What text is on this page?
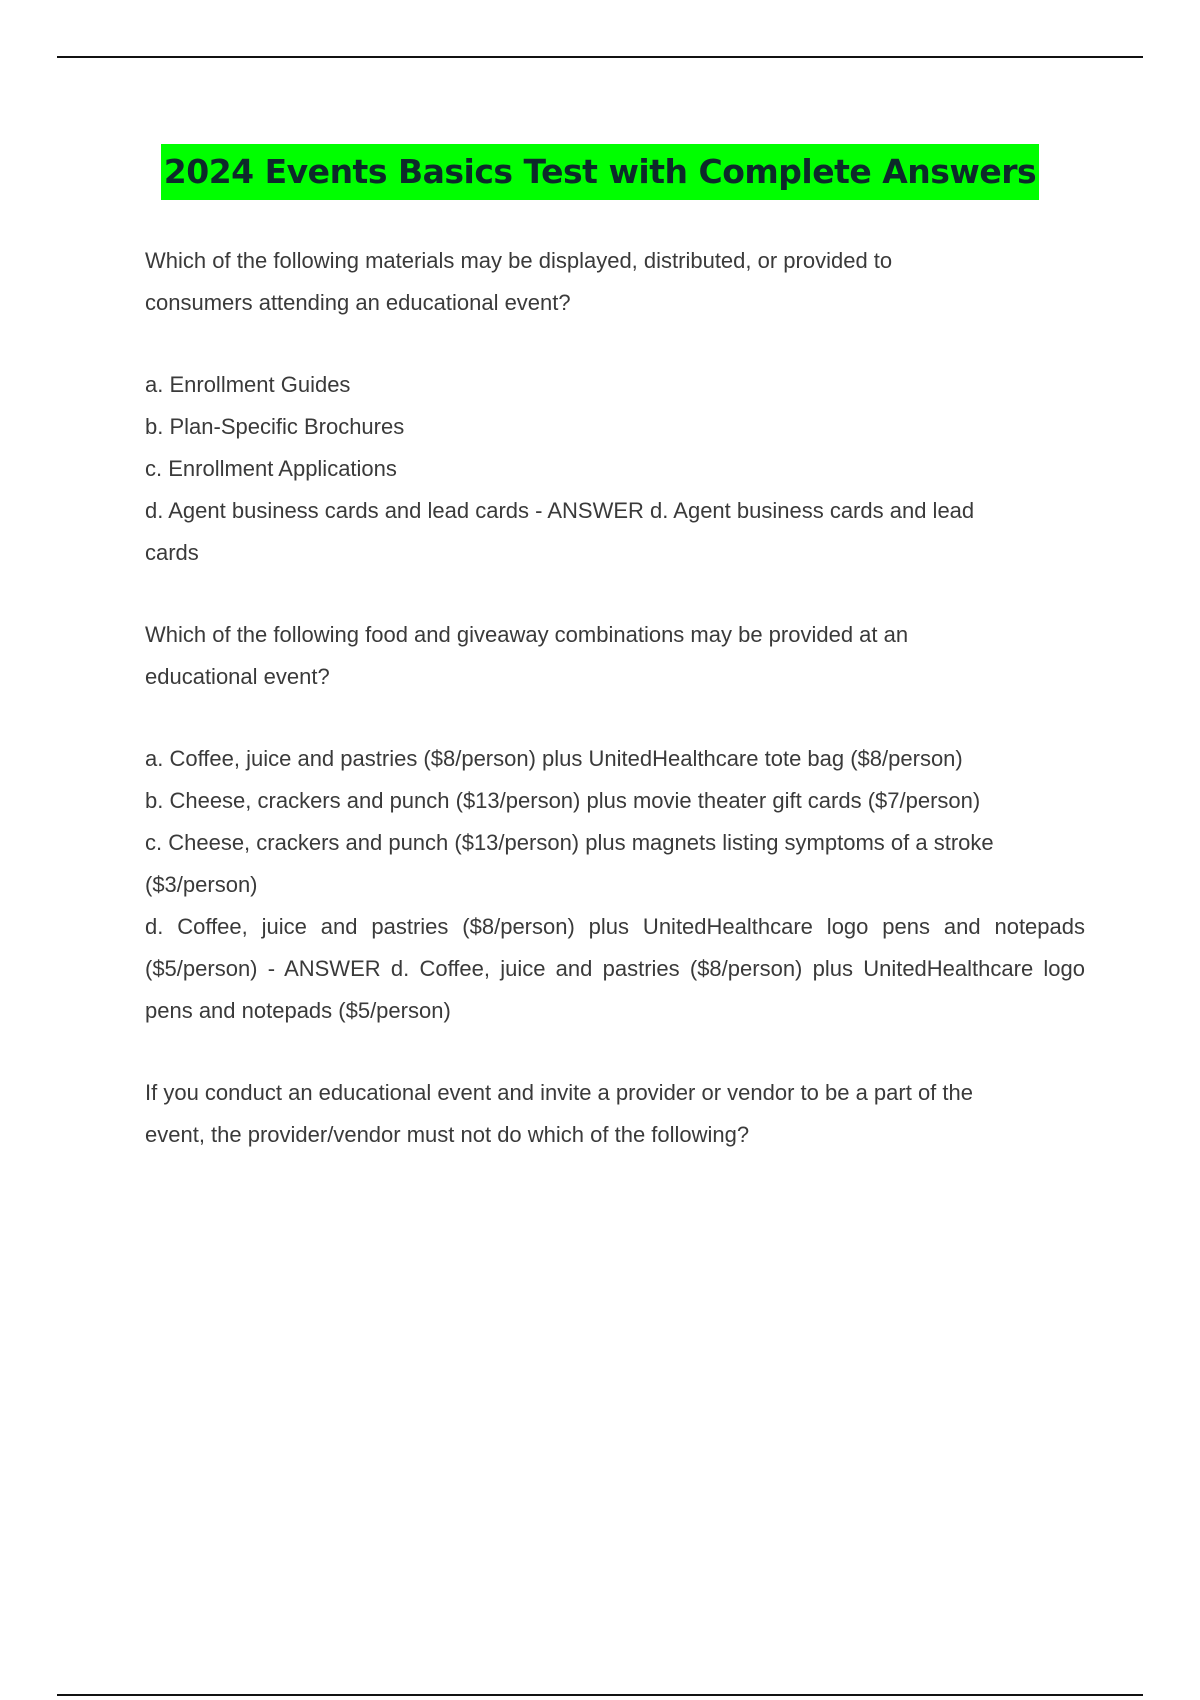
2024 Events Basics Test with Complete Answers

Which of the following materials may be displayed, distributed, or provided to consumers attending an educational event?

a. Enrollment Guides

b. Plan-Specific Brochures

c. Enrollment Applications

d. Agent business cards and lead cards - ANSWER d. Agent business cards and lead cards

Which of the following food and giveaway combinations may be provided at an educational event?

a. Coffee, juice and pastries ($8/person) plus UnitedHealthcare tote bag ($8/person)

b. Cheese, crackers and punch ($13/person) plus movie theater gift cards ($7/person)

c. Cheese, crackers and punch ($13/person) plus magnets listing symptoms of a stroke ($3/person)

d. Coffee, juice and pastries ($8/person) plus UnitedHealthcare logo pens and notepads ($5/person) - ANSWER d. Coffee, juice and pastries ($8/person) plus UnitedHealthcare logo pens and notepads ($5/person)

If you conduct an educational event and invite a provider or vendor to be a part of the event, the provider/vendor must not do which of the following?
